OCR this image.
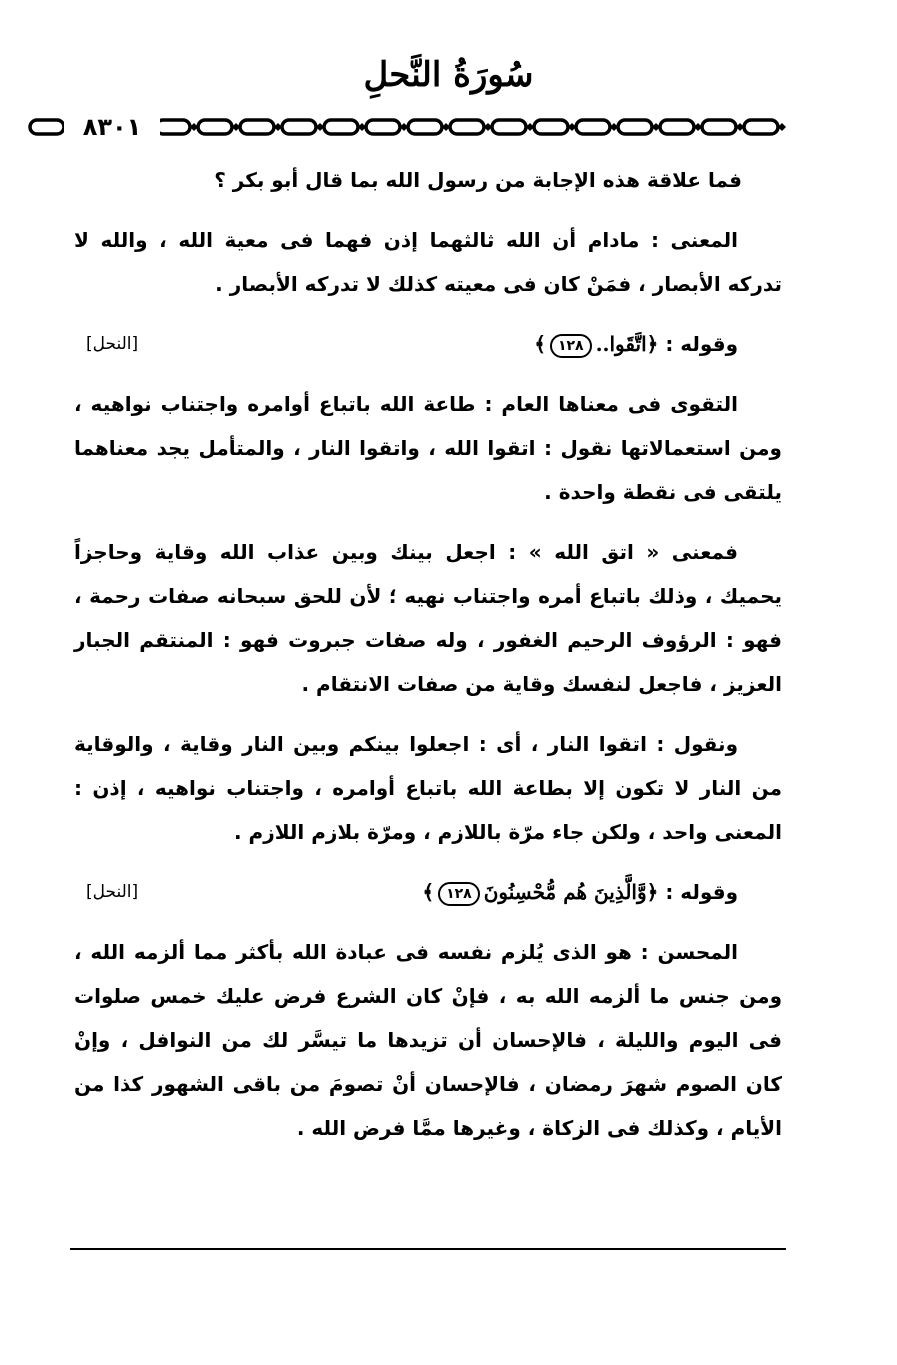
سُورَةُ النَّحلِ
٨٣٠١

فما علاقة هذه الإجابة من رسول الله بما قال أبو بكر ؟

المعنى : مادام أن الله ثالثهما إذن فهما فى معية الله ، والله لا تدركه الأبصار ، فمَنْ كان فى معيته كذلك لا تدركه الأبصار .

وقوله : ﴿اتَّقَوا..١٢٨﴾
[النحل]

التقوى فى معناها العام : طاعة الله باتباع أوامره واجتناب نواهيه ، ومن استعمالاتها نقول : اتقوا الله ، واتقوا النار ، والمتأمل يجد معناهما يلتقى فى نقطة واحدة .

فمعنى « اتق الله » : اجعل بينك وبين عذاب الله وقاية وحاجزاً يحميك ، وذلك باتباع أمره واجتناب نهيه ؛ لأن للحق سبحانه صفات رحمة ، فهو : الرؤوف الرحيم الغفور ، وله صفات جبروت فهو : المنتقم الجبار العزيز ، فاجعل لنفسك وقاية من صفات الانتقام .

ونقول : اتقوا النار ، أى : اجعلوا بينكم وبين النار وقاية ، والوقاية من النار لا تكون إلا بطاعة الله باتباع أوامره ، واجتناب نواهيه ، إذن : المعنى واحد ، ولكن جاء مرّة باللازم ، ومرّة بلازم اللازم .

وقوله : ﴿وَّالَّذِينَ هُم مُّحْسِنُونَ١٢٨﴾
[النحل]

المحسن : هو الذى يُلزم نفسه فى عبادة الله بأكثر مما ألزمه الله ، ومن جنس ما ألزمه الله به ، فإنْ كان الشرع فرض عليك خمس صلوات فى اليوم والليلة ، فالإحسان أن تزيدها ما تيسَّر لك من النوافل ، وإنْ كان الصوم شهرَ رمضان ، فالإحسان أنْ تصومَ من باقى الشهور كذا من الأيام ، وكذلك فى الزكاة ، وغيرها ممَّا فرض الله .
